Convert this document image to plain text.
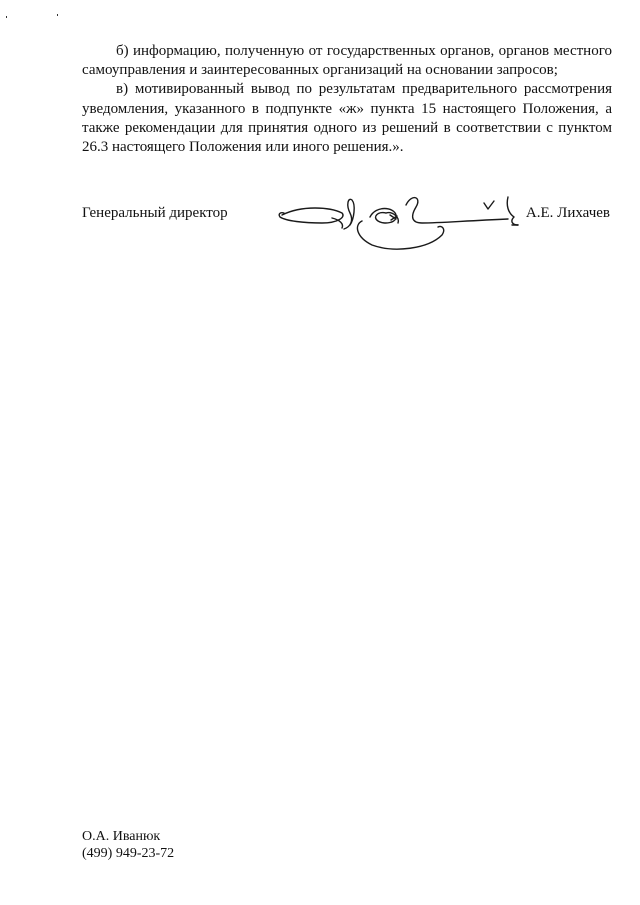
б) информацию, полученную от государственных органов, органов местного самоуправления и заинтересованных организаций на основании запросов;

в) мотивированный вывод по результатам предварительного рассмотрения уведомления, указанного в подпункте «ж» пункта 15 настоящего Положения, а также рекомендации для принятия одного из решений в соответствии с пунктом 26.3 настоящего Положения или иного решения.».

Генеральный директор	А.Е. Лихачев
О.А. Иванюк
(499) 949-23-72
